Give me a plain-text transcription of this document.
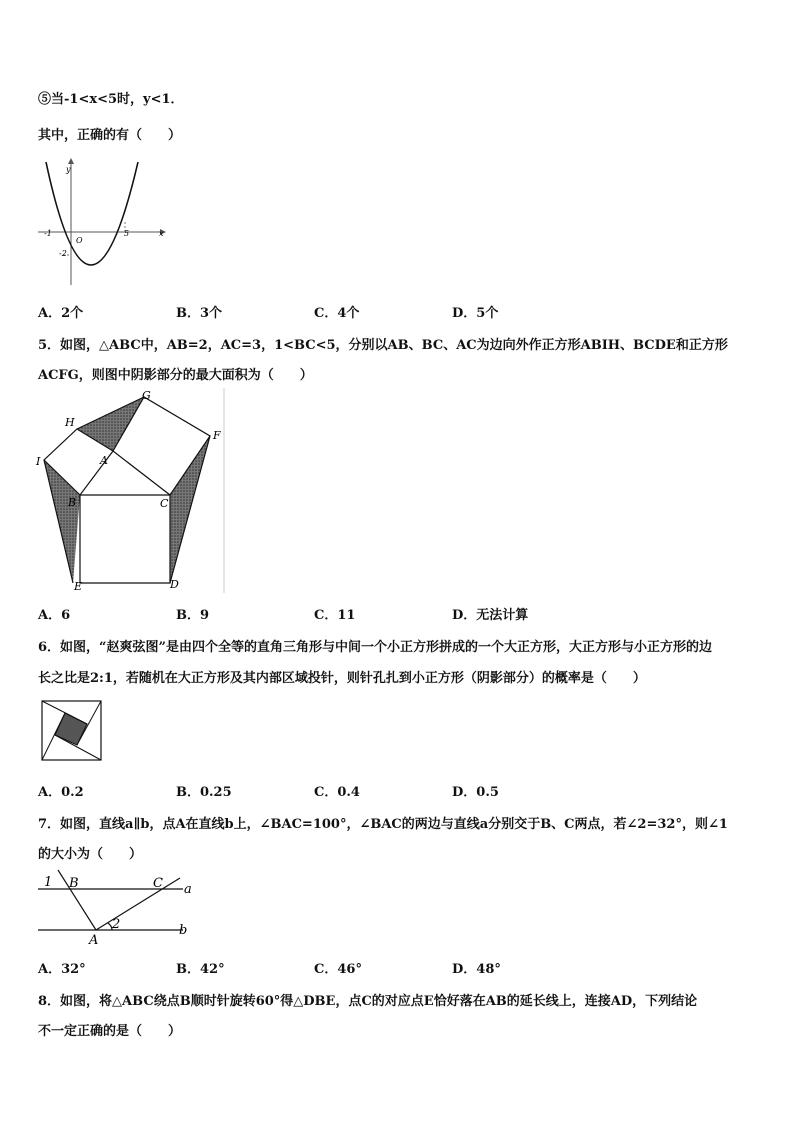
⑤当-1<x<5时，y<1．
其中，正确的有（　　）
y
x
O
-1	5
-2
A．2个	B．3个	C．4个	D．5个
5．如图，△ABC中，AB=2，AC=3，1<BC<5，分别以AB、BC、AC为边向外作正方形ABIH、BCDE和正方形
ACFG，则图中阴影部分的最大面积为（　　）
G
H
F
I	A
B	C
E	D
A．6	B．9	C．11	D．无法计算
6．如图，“赵爽弦图”是由四个全等的直角三角形与中间一个小正方形拼成的一个大正方形，大正方形与小正方形的边
长之比是2:1，若随机在大正方形及其内部区域投针，则针孔扎到小正方形（阴影部分）的概率是（　　）
A．0.2	B．0.25	C．0.4	D．0.5
7．如图，直线a∥b，点A在直线b上，∠BAC=100°，∠BAC的两边与直线a分别交于B、C两点，若∠2=32°，则∠1
的大小为（　　）
1 B	C a
A
2	b
A．32°	B．42°	C．46°	D．48°
8．如图，将△ABC绕点B顺时针旋转60°得△DBE，点C的对应点E恰好落在AB的延长线上，连接AD，下列结论
不一定正确的是（　　）
